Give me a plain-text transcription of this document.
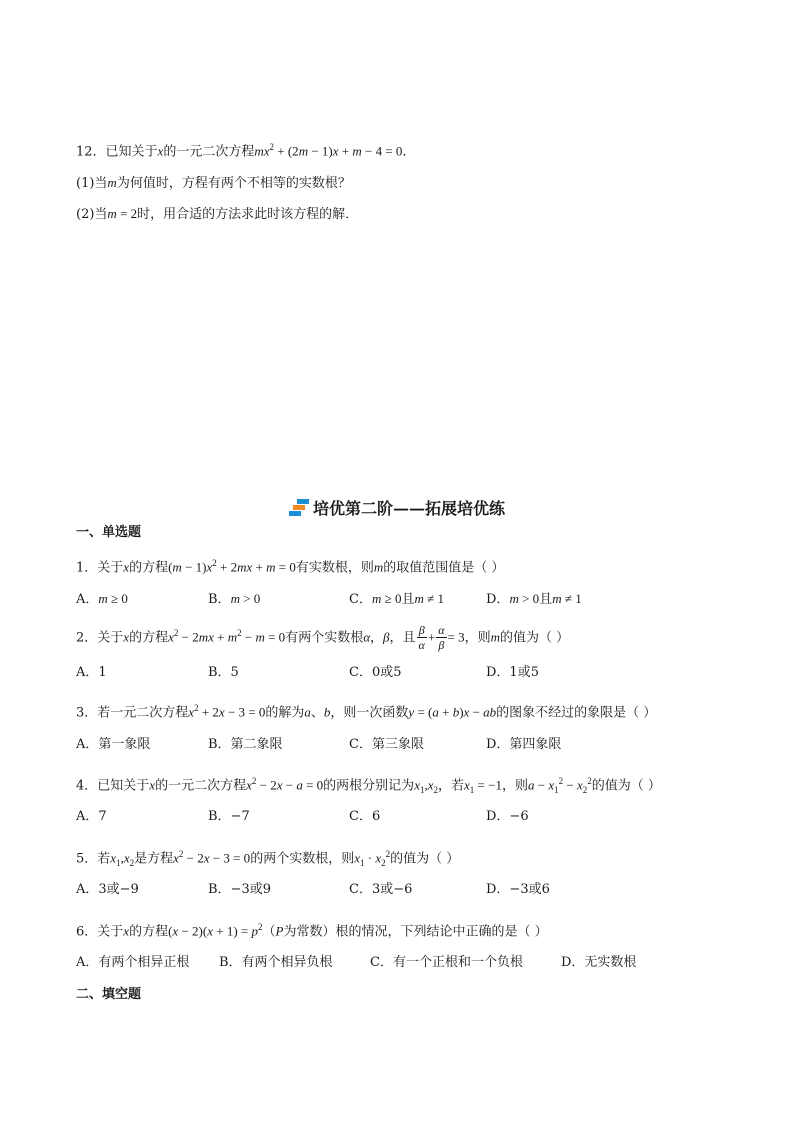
12．已知关于x的一元二次方程$mx^2 + (2m - 1)x + m - 4 = 0$．
(1)当m为何值时，方程有两个不相等的实数根？
(2)当m = 2时，用合适的方法求此时该方程的解．
培优第二阶——拓展培优练
一、单选题
1．关于x的方程$(m - 1)x^2 + 2mx + m = 0$有实数根，则m的取值范围值是（ ）
A．m ≥ 0	B．m > 0	C．m ≥ 0且m ≠ 1	D．m > 0且m ≠ 1
2．关于x的方程$x^2 - 2mx + m^2 - m = 0$有两个实数根α，β，且 $\frac{\beta}{\alpha} + \frac{\alpha}{\beta} = 3$，则m的值为（ ）
A．1	B．5	C．0或5	D．1或5
3．若一元二次方程$x^2 + 2x - 3 = 0$的解为a、b，则一次函数y = (a + b)x − ab的图象不经过的象限是（ ）
A．第一象限	B．第二象限	C．第三象限	D．第四象限
4．已知关于x的一元二次方程$x^2 - 2x - a = 0$的两根分别记为$x_1,x_2$，若$x_1 = -1$，则$a - x_1^2 - x_2^2$的值为（ ）
A．7	B．−7	C．6	D．−6
5．若$x_1,x_2$是方程$x^2 - 2x - 3 = 0$的两个实数根，则$x_1 \cdot x_2^2$的值为（ ）
A．3或−9	B．−3或9	C．3或−6	D．−3或6
6．关于x的方程$(x - 2)(x + 1) = p^2(P$为常数）根的情况，下列结论中正确的是（ ）
A．有两个相异正根 B．有两个相异负根	C．有一个正根和一个负根	D．无实数根
二、填空题
